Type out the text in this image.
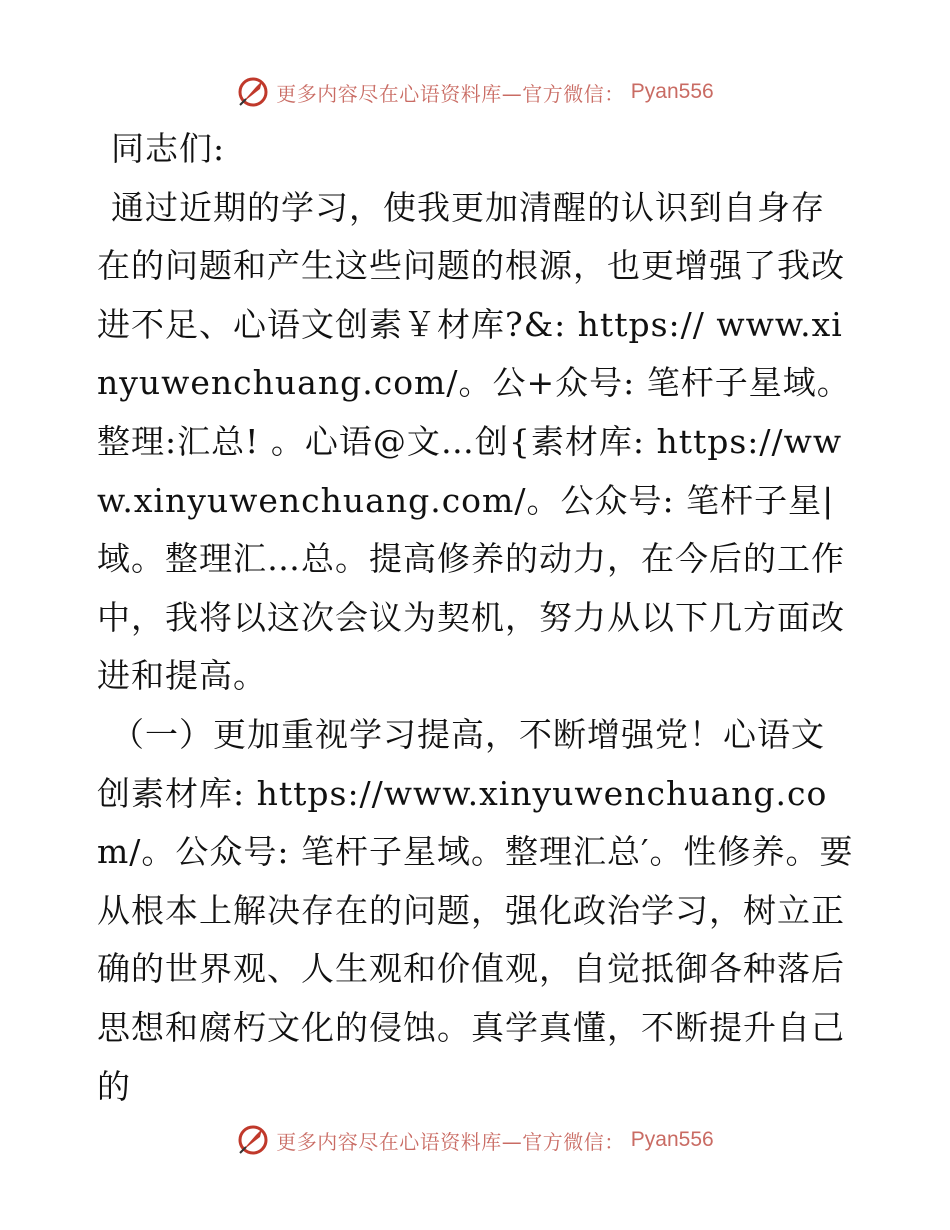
更多内容尽在心语资料库—官方微信： Pyan556

同志们:

通过近期的学习，使我更加清醒的认识到自身存在的问题和产生这些问题的根源，也更增强了我改进不足、心语文创素￥材库?&: https:// www.xinyuwenchuang.com/。公+众号: 笔杆子星域。整理:汇总! 。心语@文…创{素材库: https://www.xinyuwenchuang.com/。公众号: 笔杆子星|域。整理汇…总。提高修养的动力，在今后的工作中，我将以这次会议为契机，努力从以下几方面改进和提高。

（一）更加重视学习提高，不断增强党！心语文创素材库: https://www.xinyuwenchuang.com/。公众号: 笔杆子星域。整理汇总′。性修养。要从根本上解决存在的问题，强化政治学习，树立正确的世界观、人生观和价值观，自觉抵御各种落后思想和腐朽文化的侵蚀。真学真懂，不断提升自己的

更多内容尽在心语资料库—官方微信： Pyan556
